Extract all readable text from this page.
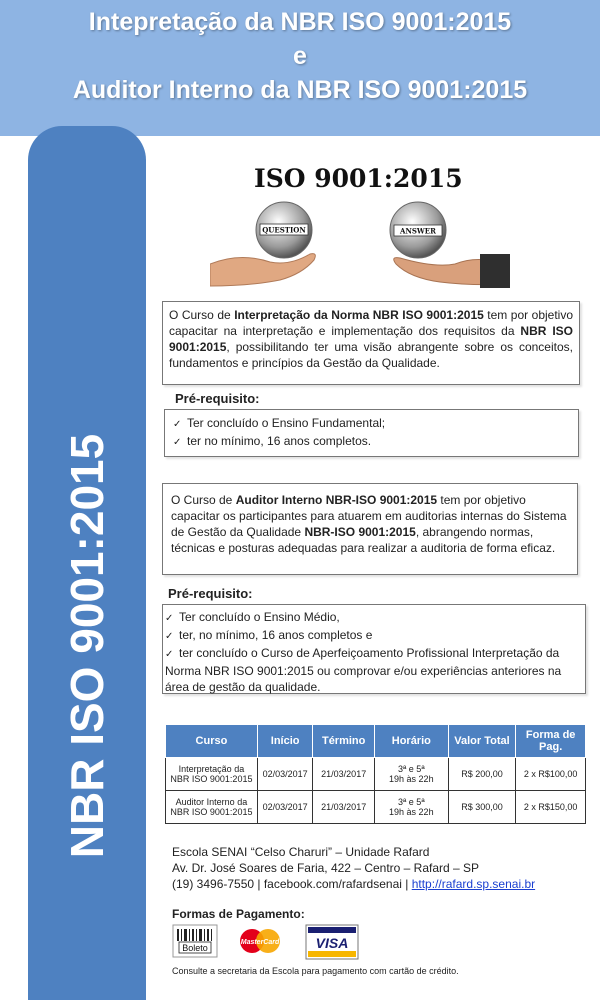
Intepretação da NBR ISO 9001:2015
e
Auditor Interno da NBR ISO 9001:2015
NBR ISO 9001:2015
ISO 9001:2015
QUESTION	ANSWER
O Curso de Interpretação da Norma NBR ISO 9001:2015 tem por objetivo capacitar na interpretação e implementação dos requisitos da NBR ISO 9001:2015, possibilitando ter uma visão abrangente sobre os conceitos, fundamentos e princípios da Gestão da Qualidade.
Pré-requisito:
✓ Ter concluído o Ensino Fundamental;
✓ ter no mínimo, 16 anos completos.
O Curso de Auditor Interno NBR-ISO 9001:2015 tem por objetivo capacitar os participantes para atuarem em auditorias internas do Sistema de Gestão da Qualidade NBR-ISO 9001:2015, abrangendo normas, técnicas e posturas adequadas para realizar a auditoria de forma eficaz.
Pré-requisito:
✓ Ter concluído o Ensino Médio,
✓ ter, no mínimo, 16 anos completos e
✓ ter concluído o Curso de Aperfeiçoamento Profissional Interpretação da Norma NBR ISO 9001:2015 ou comprovar e/ou experiências anteriores na área de gestão da qualidade.
Curso	Início	Término	Horário	Valor Total	Forma de Pag.
Interpretação da NBR ISO 9001:2015	02/03/2017	21/03/2017	3ª e 5ª
19h às 22h	R$ 200,00	2 x R$100,00
Auditor Interno da NBR ISO 9001:2015	02/03/2017	21/03/2017	3ª e 5ª
19h às 22h	R$ 300,00	2 x R$150,00
Escola SENAI “Celso Charuri” – Unidade Rafard
Av. Dr. José Soares de Faria, 422 – Centro – Rafard – SP
(19) 3496-7550 | facebook.com/rafardsenai | http://rafard.sp.senai.br
Formas de Pagamento:
Boleto
MasterCard	VISA
Consulte a secretaria da Escola para pagamento com cartão de crédito.
